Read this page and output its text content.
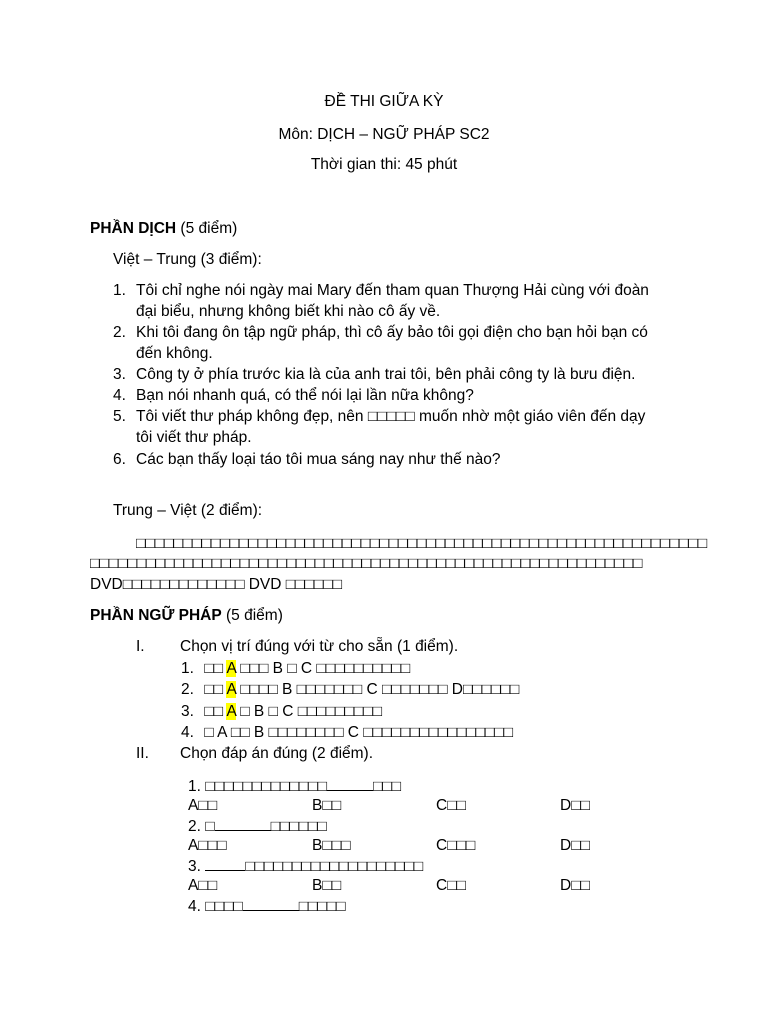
ĐỀ THI GIỮA KỲ
Môn: DỊCH – NGỮ PHÁP SC2
Thời gian thi: 45 phút
PHẦN DỊCH (5 điểm)
Việt – Trung (3 điểm):
1. Tôi chỉ nghe nói ngày mai Mary đến tham quan Thượng Hải cùng với đoàn
đại biểu, nhưng không biết khi nào cô ấy về.
2. Khi tôi đang ôn tập ngữ pháp, thì cô ấy bảo tôi gọi điện cho bạn hỏi bạn có
đến không.
3. Công ty ở phía trước kia là của anh trai tôi, bên phải công ty là bưu điện.
4. Bạn nói nhanh quá, có thể nói lại lần nữa không?
5. Tôi viết thư pháp không đẹp, nên □□□□□ muốn nhờ một giáo viên đến dạy
tôi viết thư pháp.
6. Các bạn thấy loại táo tôi mua sáng nay như thế nào?
Trung – Việt (2 điểm):
□□□□□□□□□□□□□□□□□□□□□□□□□□□□□□□□□□□□□□□□□□□□□□□□□□□□□□□□□□□□□
□□□□□□□□□□□□□□□□□□□□□□□□□□□□□□□□□□□□□□□□□□□□□□□□□□□□□□□□□□□
DVD□□□□□□□□□□□□□ DVD □□□□□□
PHẦN NGỮ PHÁP (5 điểm)
I. Chọn vị trí đúng với từ cho sẵn (1 điểm).
1. □□ A □□□ B □ C □□□□□□□□□□
2. □□ A □□□□ B □□□□□□□ C □□□□□□□ D□□□□□□
3. □□ A □ B □ C □□□□□□□□□
4. □ A □□ B □□□□□□□□ C □□□□□□□□□□□□□□□□
II. Chọn đáp án đúng (2 điểm).
1. □□□□□□□□□□□□□	□□□
A□□	B□□	C□□	D□□
2. □	□□□□□□
A□□□	B□□□	C□□□	D□□
3.	□□□□□□□□□□□□□□□□□□□
A□□	B□□	C□□	D□□
4. □□□□	□□□□□
